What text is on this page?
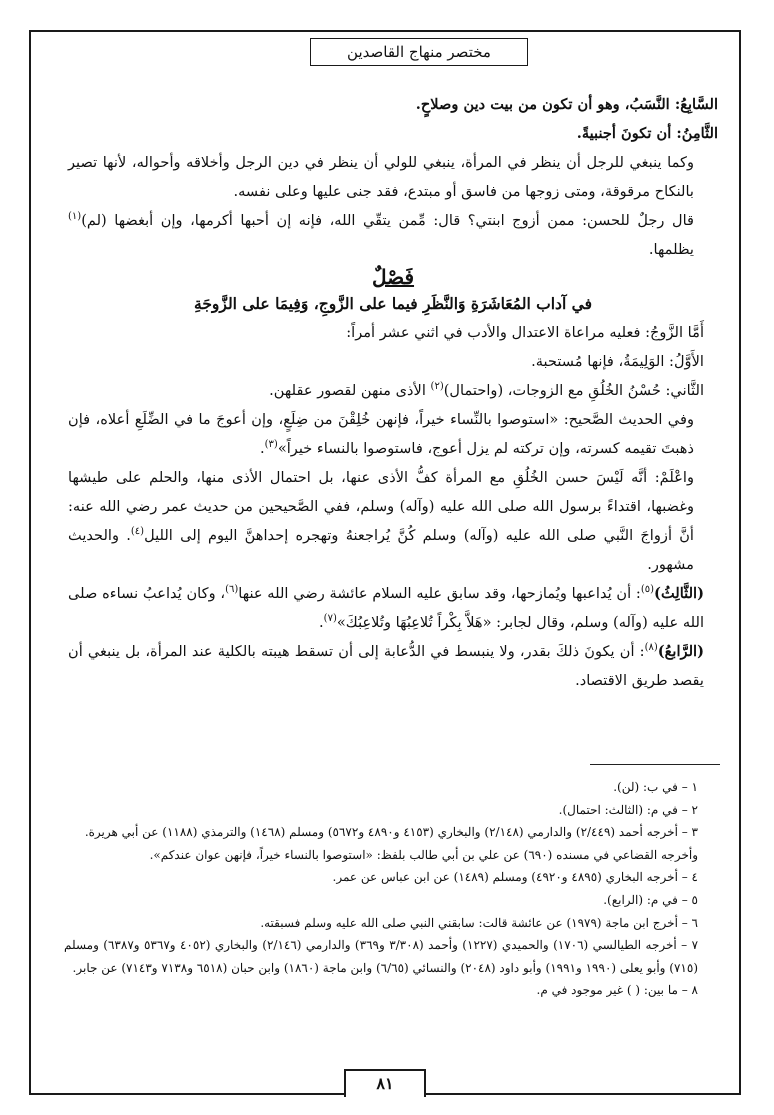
مختصر منهاج القاصدين

السَّابِعُ: النَّسَبُ، وهو أن تكون من بيت دين وصلاحٍ.

الثَّامِنُ: أن تكونَ أجنبيةً.

وكما ينبغي للرجل أن ينظر في المرأة، ينبغي للولي أن ينظر في دين الرجل وأخلاقه وأحواله، لأنها تصير بالنكاح مرقوقة، ومتى زوجها من فاسق أو مبتدع، فقد جنى عليها وعلى نفسه.

قال رجلٌ للحسن: ممن أزوج ابنتي؟ قال: مِّمن يتقّي الله، فإنه إن أحبها أكرمها، وإن أبغضها (لم)$^{(١)}$ يظلمها.

فَصْلٌ

في آداب المُعَاشَرَةِ وَالنَّظَرِ فيما على الزَّوجِ، وَفِيمَا على الزَّوجَةِ

أَمَّا الزَّوجُ: فعليه مراعاة الاعتدال والأدب في اثني عشر أمراً:

الأَوَّلُ: الوَلِيمَةُ، فإنها مُستحبة.

الثَّاني: حُسْنُ الخُلُقِ مع الزوجات، (واحتمال)$^{(٢)}$ الأذى منهن لقصور عقلهن.

وفي الحديث الصَّحيح: «استوصوا بالنِّساء خيراً، فإنهن خُلِقْنَ من ضِلَعٍ، وإن أعوجَ ما في الضِّلَعِ أعلاه، فإن ذهبتَ تقيمه كسرته، وإن تركته لم يزل أعوج، فاستوصوا بالنساء خيراً»$^{(٣)}$.

واعْلَمْ: أنَّه لَيْسَ حسن الخُلُقِ مع المرأة كفُّ الأذى عنها، بل احتمال الأذى منها، والحلم على طيشها وغضبها، اقتداءً برسول الله صلى الله عليه (وآله) وسلم، ففي الصَّحيحين من حديث عمر رضي الله عنه: أنَّ أزواجَ النَّبي صلى الله عليه (وآله) وسلم كُنَّ يُراجعنهُ وتهجره إحداهنَّ اليوم إلى الليل$^{(٤)}$. والحديث مشهور.

(الثَّالِثُ)$^{(٥)}$: أن يُداعبها ويُمازحها، وقد سابق عليه السلام عائشة رضي الله عنها$^{(٦)}$، وكان يُداعبُ نساءه صلى الله عليه (وآله) وسلم، وقال لجابر: «هَلاَّ بِكْراً تُلاعِبُهَا وتُلاعِبُكَ»$^{(٧)}$.

(الرَّابعُ)$^{(٨)}$: أن يكونَ ذلكَ بقدر، ولا ينبسط في الدُّعابة إلى أن تسقط هيبته بالكلية عند المرأة، بل ينبغي أن يقصد طريق الاقتصاد.

١ – في ب: (لن).

٢ – في م: (الثالث: احتمال).

٣ – أخرجه أحمد (٢/٤٤٩) والدارمي (٢/١٤٨) والبخاري (٤١٥٣ و٤٨٩٠ و٥٦٧٢) ومسلم (١٤٦٨) والترمذي (١١٨٨) عن أبي هريرة.

وأخرجه القضاعي في مسنده (٦٩٠) عن علي بن أبي طالب بلفظ: «استوصوا بالنساء خيراً، فإنهن عوان عندكم».

٤ – أخرجه البخاري (٤٨٩٥ و٤٩٢٠) ومسلم (١٤٨٩) عن ابن عباس عن عمر.

٥ – في م: (الرابع).

٦ – أخرج ابن ماجة (١٩٧٩) عن عائشة قالت: سابقني النبي صلى الله عليه وسلم فسبقته.

٧ – أخرجه الطيالسي (١٧٠٦) والحميدي (١٢٢٧) وأحمد (٣/٣٠٨ و٣٦٩) والدارمي (٢/١٤٦) والبخاري (٤٠٥٢ و٥٣٦٧ و٦٣٨٧) ومسلم (٧١٥) وأبو يعلى (١٩٩٠ و١٩٩١) وأبو داود (٢٠٤٨) والنسائي (٦/٦٥) وابن ماجة (١٨٦٠) وابن حبان (٦٥١٨ و٧١٣٨ و٧١٤٣) عن جابر.

٨ – ما بين: ( ) غير موجود في م.

٨١
